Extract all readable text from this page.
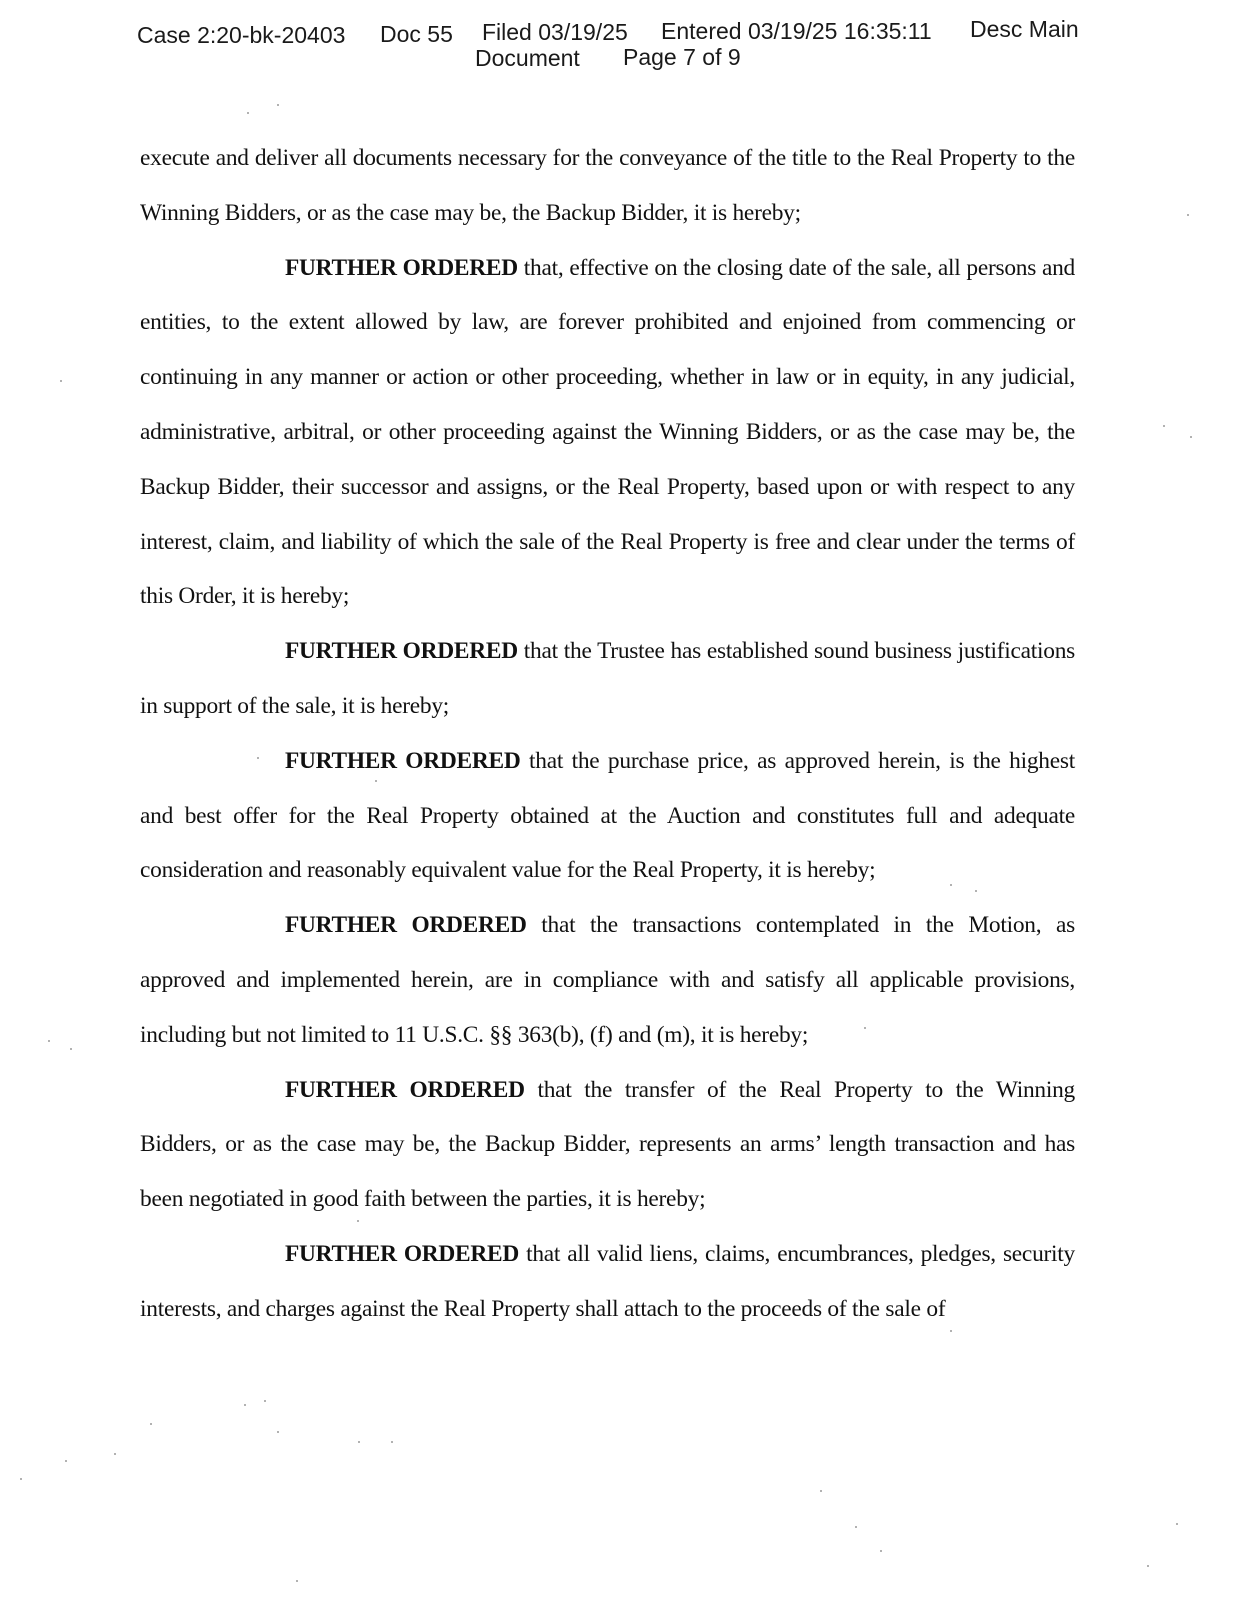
Case 2:20-bk-20403 Doc 55 Filed 03/19/25 Entered 03/19/25 16:35:11 Desc Main
Document Page 7 of 9

execute and deliver all documents necessary for the conveyance of the title to the Real Property to the Winning Bidders, or as the case may be, the Backup Bidder, it is hereby;

FURTHER ORDERED that, effective on the closing date of the sale, all persons and entities, to the extent allowed by law, are forever prohibited and enjoined from commencing or continuing in any manner or action or other proceeding, whether in law or in equity, in any judicial, administrative, arbitral, or other proceeding against the Winning Bidders, or as the case may be, the Backup Bidder, their successor and assigns, or the Real Property, based upon or with respect to any interest, claim, and liability of which the sale of the Real Property is free and clear under the terms of this Order, it is hereby;

FURTHER ORDERED that the Trustee has established sound business justifications in support of the sale, it is hereby;

FURTHER ORDERED that the purchase price, as approved herein, is the highest and best offer for the Real Property obtained at the Auction and constitutes full and adequate consideration and reasonably equivalent value for the Real Property, it is hereby;

FURTHER ORDERED that the transactions contemplated in the Motion, as approved and implemented herein, are in compliance with and satisfy all applicable provisions, including but not limited to 11 U.S.C. §§ 363(b), (f) and (m), it is hereby;

FURTHER ORDERED that the transfer of the Real Property to the Winning Bidders, or as the case may be, the Backup Bidder, represents an arms’ length transaction and has been negotiated in good faith between the parties, it is hereby;

FURTHER ORDERED that all valid liens, claims, encumbrances, pledges, security interests, and charges against the Real Property shall attach to the proceeds of the sale of
